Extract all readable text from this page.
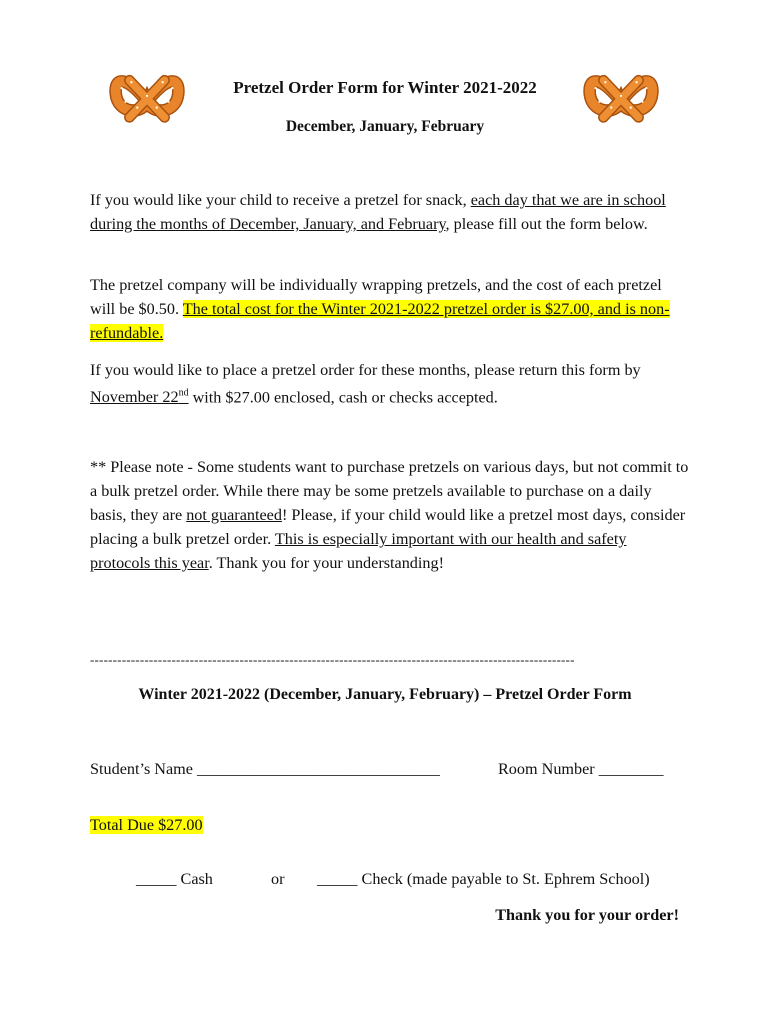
Pretzel Order Form for Winter 2021-2022
December, January, February
If you would like your child to receive a pretzel for snack, each day that we are in school during the months of December, January, and February, please fill out the form below.
The pretzel company will be individually wrapping pretzels, and the cost of each pretzel will be $0.50. The total cost for the Winter 2021-2022 pretzel order is $27.00, and is non-refundable.
If you would like to place a pretzel order for these months, please return this form by November 22nd with $27.00 enclosed, cash or checks accepted.
** Please note - Some students want to purchase pretzels on various days, but not commit to a bulk pretzel order. While there may be some pretzels available to purchase on a daily basis, they are not guaranteed! Please, if your child would like a pretzel most days, consider placing a bulk pretzel order. This is especially important with our health and safety protocols this year. Thank you for your understanding!
-----------------------------------------------------------------------------------------------------------
Winter 2021-2022 (December, January, February) – Pretzel Order Form
Student’s Name ______________________________	Room Number ________
Total Due $27.00
_____ Cash	or _____ Check (made payable to St. Ephrem School)
Thank you for your order!
